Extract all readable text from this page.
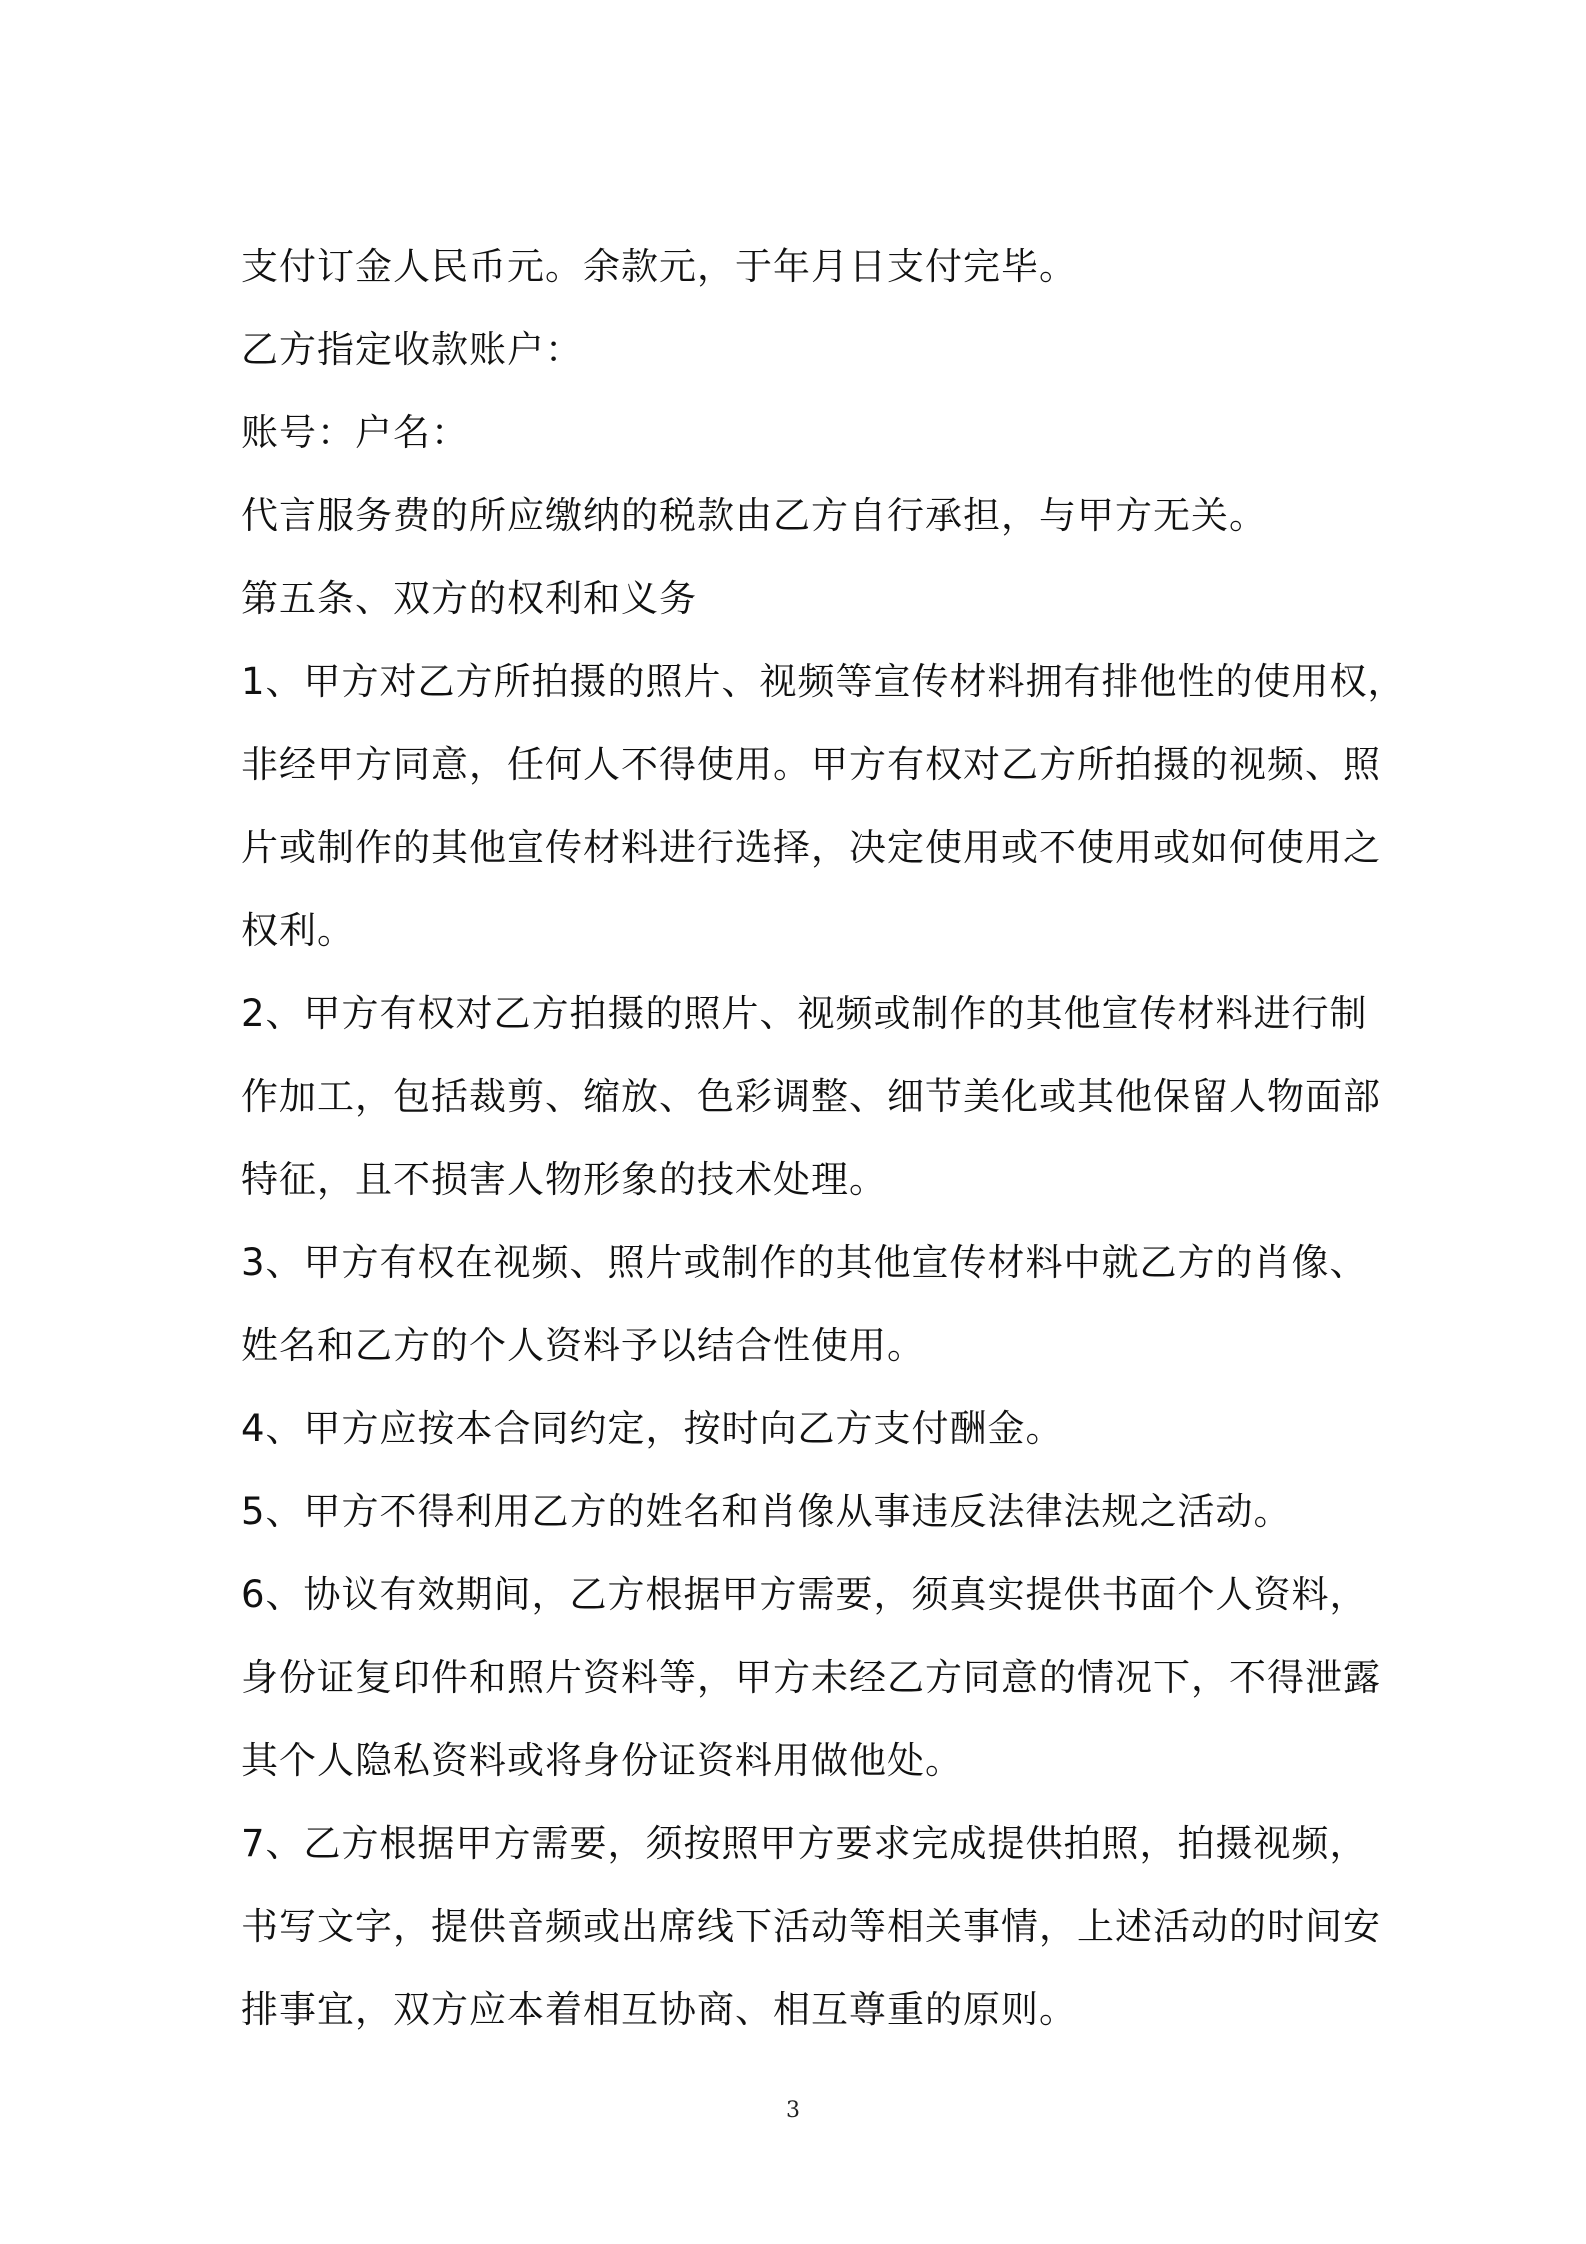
支付订金人民币元。余款元，于年月日支付完毕。
乙方指定收款账户：
账号：户名：
代言服务费的所应缴纳的税款由乙方自行承担，与甲方无关。
第五条、双方的权利和义务
1、甲方对乙方所拍摄的照片、视频等宣传材料拥有排他性的使用权，
非经甲方同意，任何人不得使用。甲方有权对乙方所拍摄的视频、照
片或制作的其他宣传材料进行选择，决定使用或不使用或如何使用之
权利。
2、甲方有权对乙方拍摄的照片、视频或制作的其他宣传材料进行制
作加工，包括裁剪、缩放、色彩调整、细节美化或其他保留人物面部
特征，且不损害人物形象的技术处理。
3、甲方有权在视频、照片或制作的其他宣传材料中就乙方的肖像、
姓名和乙方的个人资料予以结合性使用。
4、甲方应按本合同约定，按时向乙方支付酬金。
5、甲方不得利用乙方的姓名和肖像从事违反法律法规之活动。
6、协议有效期间，乙方根据甲方需要，须真实提供书面个人资料，
身份证复印件和照片资料等，甲方未经乙方同意的情况下，不得泄露
其个人隐私资料或将身份证资料用做他处。
7、乙方根据甲方需要，须按照甲方要求完成提供拍照，拍摄视频，
书写文字，提供音频或出席线下活动等相关事情，上述活动的时间安
排事宜，双方应本着相互协商、相互尊重的原则。
3
